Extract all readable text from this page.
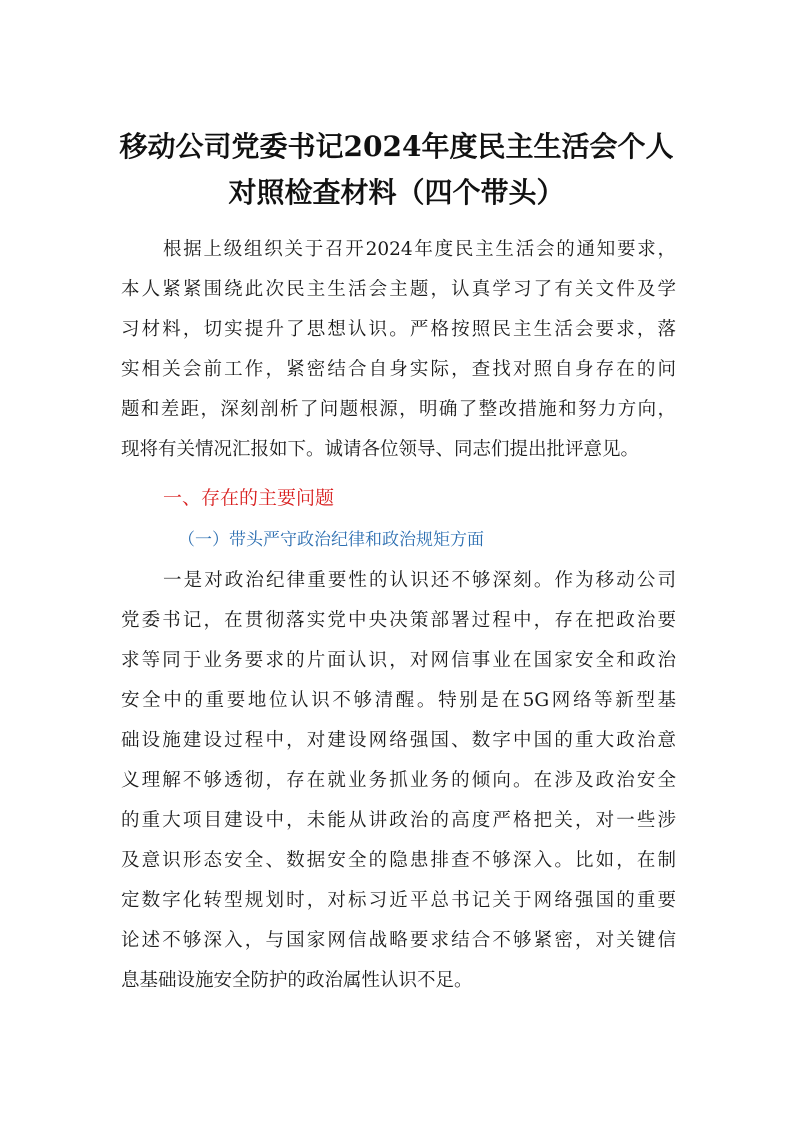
移动公司党委书记2024年度民主生活会个人
对照检查材料（四个带头）
根据上级组织关于召开2024年度民主生活会的通知要求，
本人紧紧围绕此次民主生活会主题，认真学习了有关文件及学
习材料，切实提升了思想认识。严格按照民主生活会要求，落
实相关会前工作，紧密结合自身实际，查找对照自身存在的问
题和差距，深刻剖析了问题根源，明确了整改措施和努力方向，
现将有关情况汇报如下。诚请各位领导、同志们提出批评意见。
一、存在的主要问题
（一）带头严守政治纪律和政治规矩方面
一是对政治纪律重要性的认识还不够深刻。作为移动公司
党委书记，在贯彻落实党中央决策部署过程中，存在把政治要
求等同于业务要求的片面认识，对网信事业在国家安全和政治
安全中的重要地位认识不够清醒。特别是在5G网络等新型基
础设施建设过程中，对建设网络强国、数字中国的重大政治意
义理解不够透彻，存在就业务抓业务的倾向。在涉及政治安全
的重大项目建设中，未能从讲政治的高度严格把关，对一些涉
及意识形态安全、数据安全的隐患排查不够深入。比如，在制
定数字化转型规划时，对标习近平总书记关于网络强国的重要
论述不够深入，与国家网信战略要求结合不够紧密，对关键信
息基础设施安全防护的政治属性认识不足。
